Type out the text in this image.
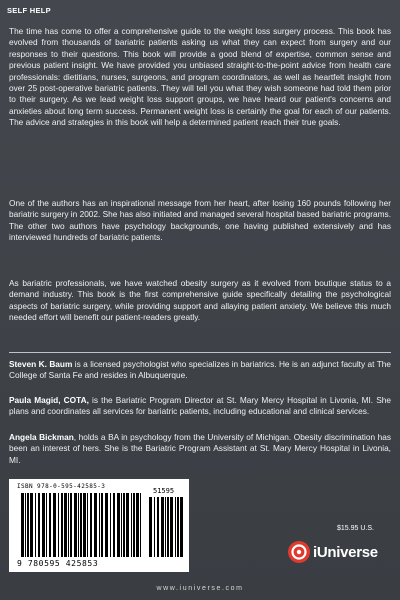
SELF HELP

The time has come to offer a comprehensive guide to the weight loss surgery process. This book has evolved from thousands of bariatric patients asking us what they can expect from surgery and our responses to their questions. This book will provide a good blend of expertise, common sense and previous patient insight. We have provided you unbiased straight-to-the-point advice from health care professionals: dietitians, nurses, surgeons, and program coordinators, as well as heartfelt insight from over 25 post-operative bariatric patients. They will tell you what they wish someone had told them prior to their surgery. As we lead weight loss support groups, we have heard our patient's concerns and anxieties about long term success. Permanent weight loss is certainly the goal for each of our patients. The advice and strategies in this book will help a determined patient reach their true goals.

One of the authors has an inspirational message from her heart, after losing 160 pounds following her bariatric surgery in 2002. She has also initiated and managed several hospital based bariatric programs. The other two authors have psychology backgrounds, one having published extensively and has interviewed hundreds of bariatric patients.

As bariatric professionals, we have watched obesity surgery as it evolved from boutique status to a demand industry. This book is the first comprehensive guide specifically detailing the psychological aspects of bariatric surgery, while providing support and allaying patient anxiety. We believe this much needed effort will benefit our patient-readers greatly.

Steven K. Baum is a licensed psychologist who specializes in bariatrics. He is an adjunct faculty at The College of Santa Fe and resides in Albuquerque.

Paula Magid, COTA, is the Bariatric Program Director at St. Mary Mercy Hospital in Livonia, MI. She plans and coordinates all services for bariatric patients, including educational and clinical services.

Angela Bickman, holds a BA in psychology from the University of Michigan. Obesity discrimination has been an interest of hers. She is the Bariatric Program Assistant at St. Mary Mercy Hospital in Livonia, MI.

ISBN 978-0-595-42585-3
51595
9 780595 425853
$15.95 U.S.
iUniverse
www.iuniverse.com
